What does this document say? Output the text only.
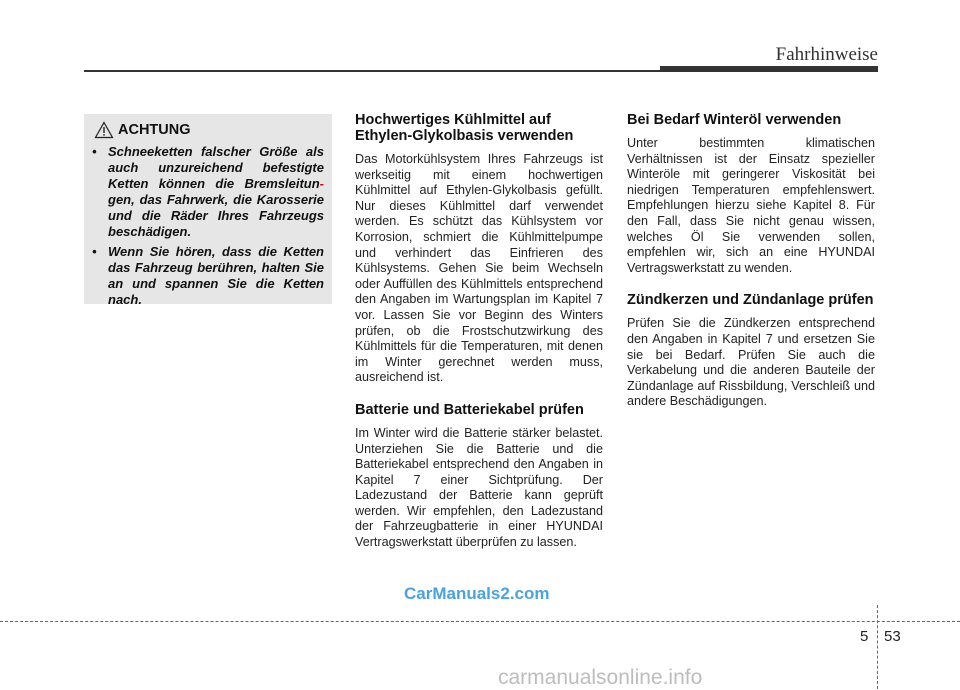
Fahrhinweise
ACHTUNG
• Schneeketten falscher Größe als auch unzureichend befestigte Ketten können die Bremsleitun-gen, das Fahrwerk, die Karosserie und die Räder Ihres Fahrzeugs beschädigen.
• Wenn Sie hören, dass die Ketten das Fahrzeug berühren, halten Sie an und spannen Sie die Ketten nach.
Hochwertiges Kühlmittel auf Ethylen-Glykolbasis verwenden

Das Motorkühlsystem Ihres Fahrzeugs ist werkseitig mit einem hochwertigen Kühlmittel auf Ethylen-Glykolbasis gefüllt. Nur dieses Kühlmittel darf verwendet werden. Es schützt das Kühlsystem vor Korrosion, schmiert die Kühlmittelpumpe und verhindert das Einfrieren des Kühlsystems. Gehen Sie beim Wechseln oder Auffüllen des Kühlmittels entsprechend den Angaben im Wartungsplan im Kapitel 7 vor. Lassen Sie vor Beginn des Winters prüfen, ob die Frostschutzwirkung des Kühlmittels für die Temperaturen, mit denen im Winter gerechnet werden muss, ausreichend ist.

Batterie und Batteriekabel prüfen

Im Winter wird die Batterie stärker belastet. Unterziehen Sie die Batterie und die Batteriekabel entsprechend den Angaben in Kapitel 7 einer Sichtprüfung. Der Ladezustand der Batterie kann geprüft werden. Wir empfehlen, den Ladezustand der Fahrzeugbatterie in einer HYUNDAI Vertragswerkstatt überprüfen zu lassen.

Bei Bedarf Winteröl verwenden

Unter bestimmten klimatischen Verhältnissen ist der Einsatz spezieller Winteröle mit geringerer Viskosität bei niedrigen Temperaturen empfehlenswert. Empfehlungen hierzu siehe Kapitel 8. Für den Fall, dass Sie nicht genau wissen, welches Öl Sie verwenden sollen, empfehlen wir, sich an eine HYUNDAI Vertragswerkstatt zu wenden.

Zündkerzen und Zündanlage prüfen

Prüfen Sie die Zündkerzen entsprechend den Angaben in Kapitel 7 und ersetzen Sie sie bei Bedarf. Prüfen Sie auch die Verkabelung und die anderen Bauteile der Zündanlage auf Rissbildung, Verschleiß und andere Beschädigungen.

CarManuals2.com
5 53
carmanualsonline.info
